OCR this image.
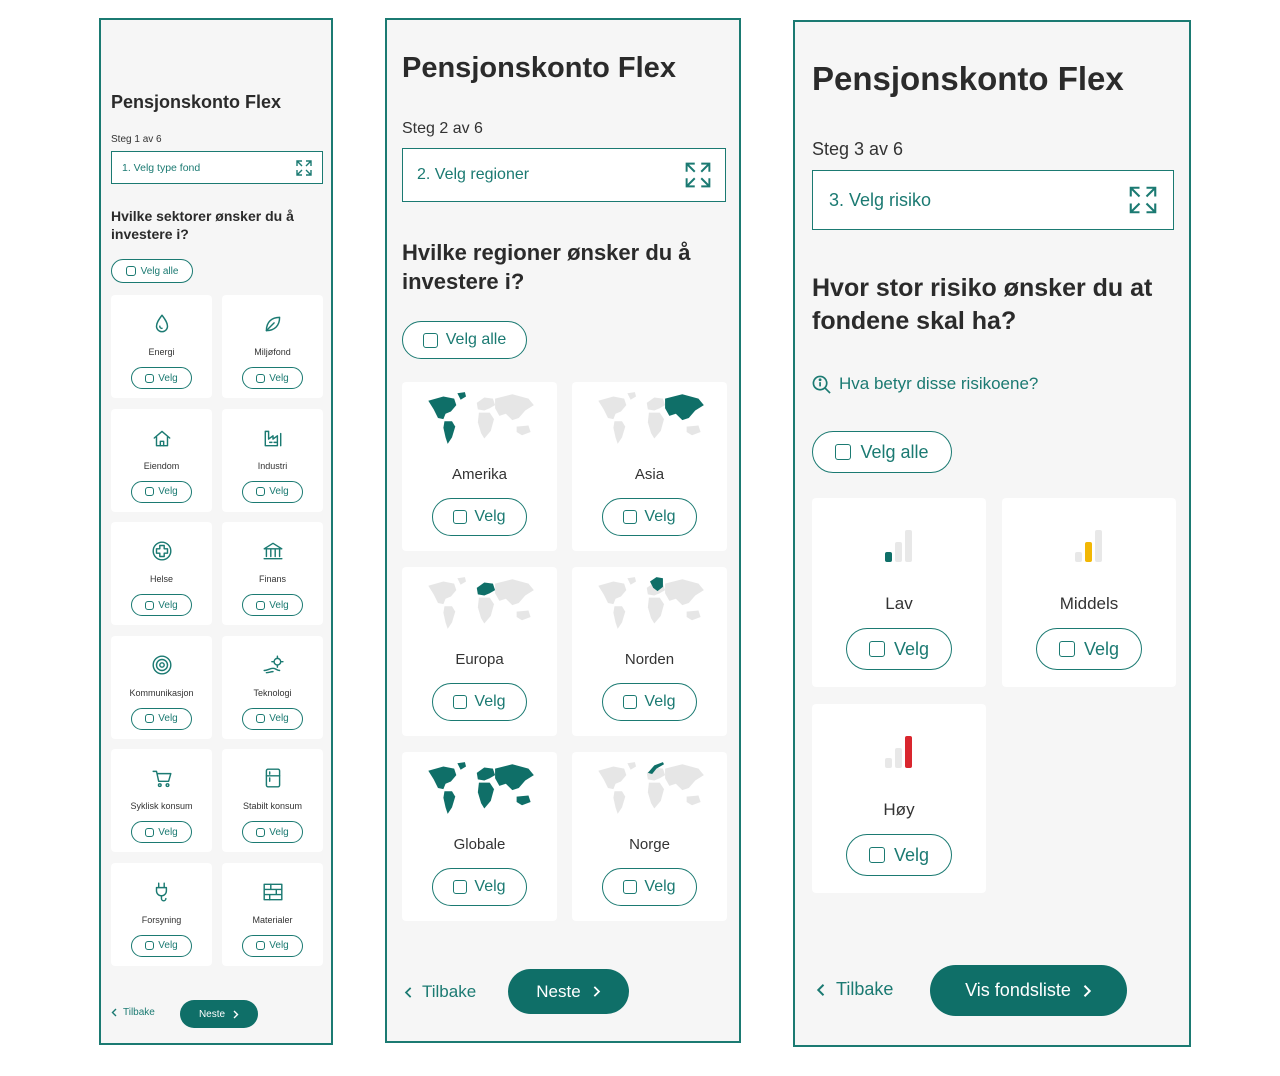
Pensjonskonto Flex
Steg 1 av 6
1. Velg type fond
Hvilke sektorer ønsker du å investere i?
Velg alle
Energi
Velg
Miljøfond
Velg
Eiendom
Velg
Industri
Velg
Helse
Velg
Finans
Velg
Kommunikasjon
Velg
Teknologi
Velg
Syklisk konsum
Velg
Stabilt konsum
Velg
Forsyning
Velg
Materialer
Velg
Tilbake	Neste
Pensjonskonto Flex
Steg 2 av 6
2. Velg regioner
Hvilke regioner ønsker du å investere i?
Velg alle
Amerika
Velg
Asia
Velg
Europa
Velg
Norden
Velg
Globale
Velg
Norge
Velg
Tilbake	Neste
Pensjonskonto Flex
Steg 3 av 6
3. Velg risiko
Hvor stor risiko ønsker du at fondene skal ha?
Hva betyr disse risikoene?
Velg alle
Lav
Velg
Middels
Velg
Høy
Velg
Tilbake	Vis fondsliste
